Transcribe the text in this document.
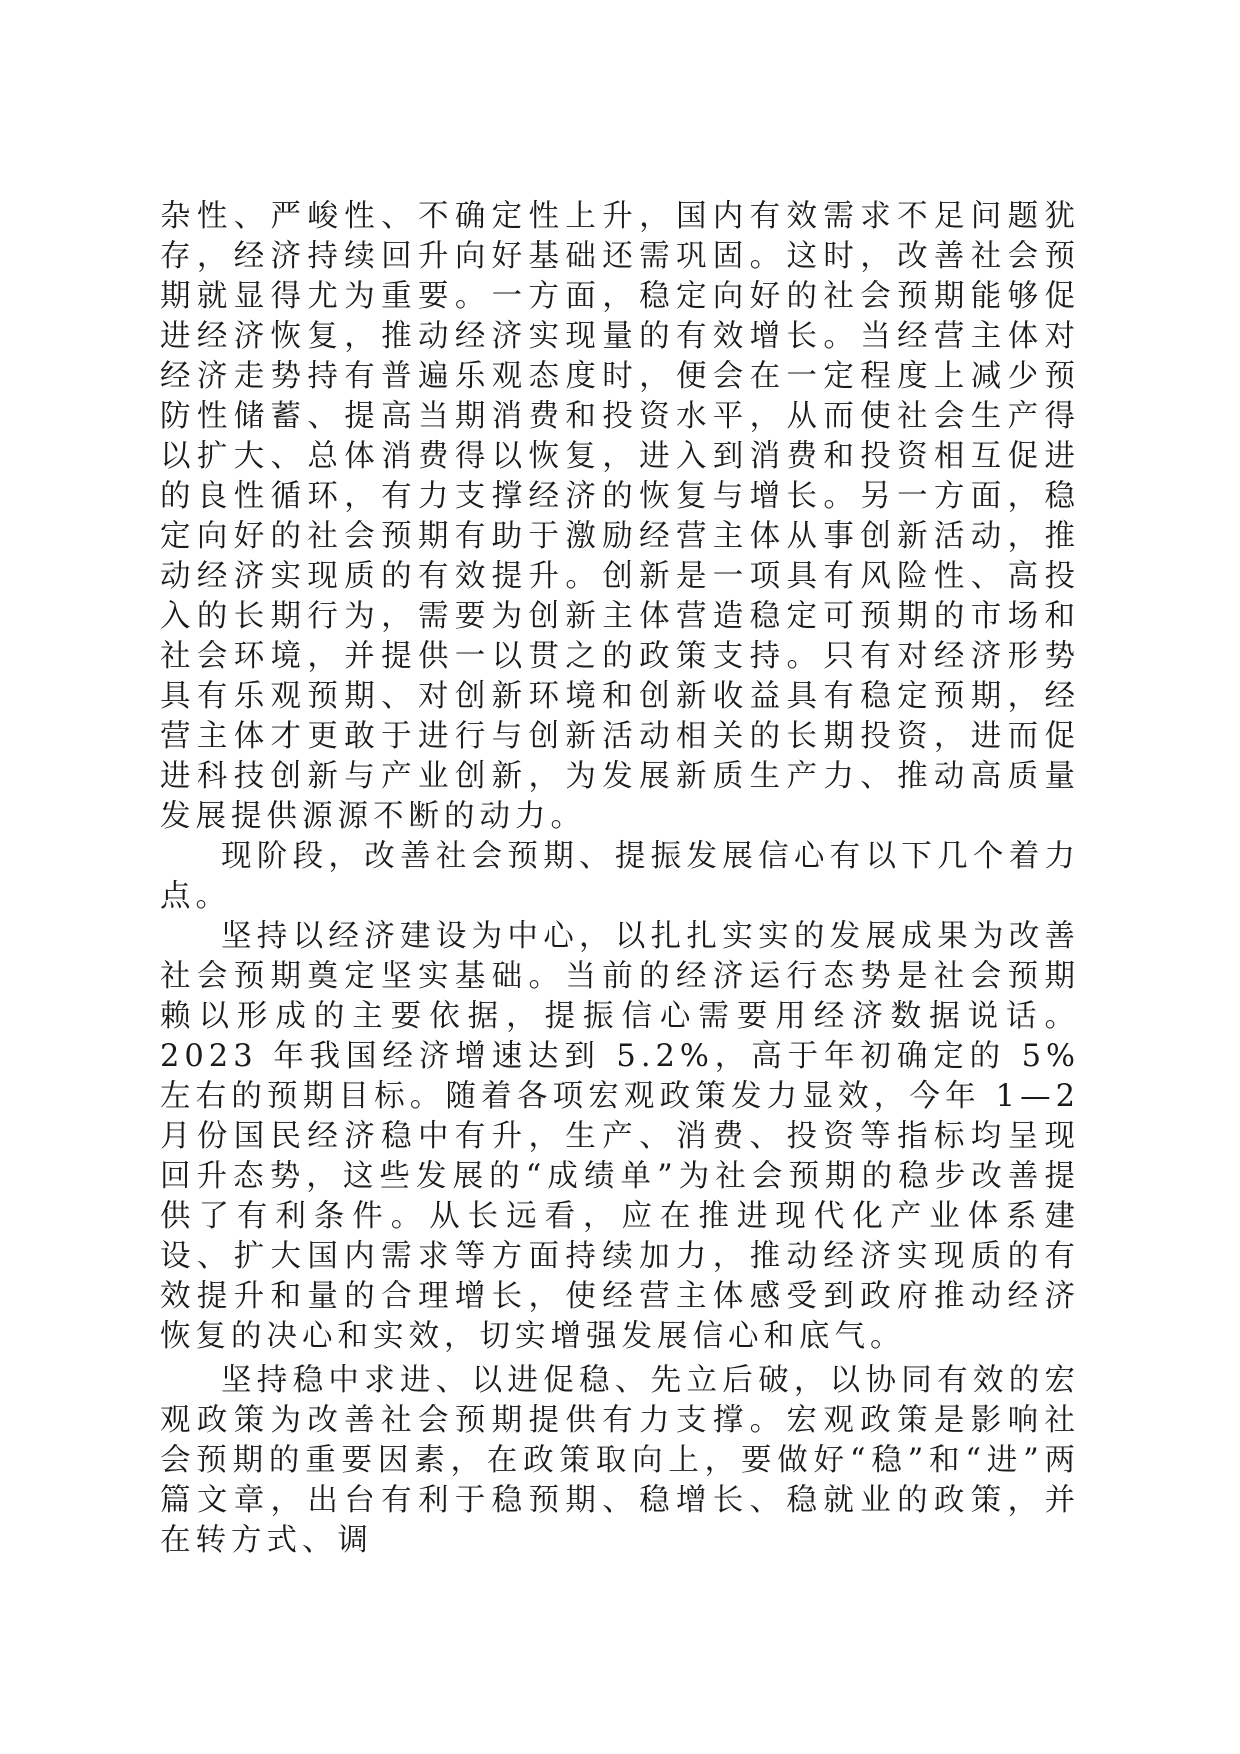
杂性、严峻性、不确定性上升，国内有效需求不足问题犹存，经济持续回升向好基础还需巩固。这时，改善社会预期就显得尤为重要。一方面，稳定向好的社会预期能够促进经济恢复，推动经济实现量的有效增长。当经营主体对经济走势持有普遍乐观态度时，便会在一定程度上减少预防性储蓄、提高当期消费和投资水平，从而使社会生产得以扩大、总体消费得以恢复，进入到消费和投资相互促进的良性循环，有力支撑经济的恢复与增长。另一方面，稳定向好的社会预期有助于激励经营主体从事创新活动，推动经济实现质的有效提升。创新是一项具有风险性、高投入的长期行为，需要为创新主体营造稳定可预期的市场和社会环境，并提供一以贯之的政策支持。只有对经济形势具有乐观预期、对创新环境和创新收益具有稳定预期，经营主体才更敢于进行与创新活动相关的长期投资，进而促进科技创新与产业创新，为发展新质生产力、推动高质量发展提供源源不断的动力。

现阶段，改善社会预期、提振发展信心有以下几个着力点。

坚持以经济建设为中心，以扎扎实实的发展成果为改善社会预期奠定坚实基础。当前的经济运行态势是社会预期赖以形成的主要依据，提振信心需要用经济数据说话。2023 年我国经济增速达到 5.2%，高于年初确定的 5%左右的预期目标。随着各项宏观政策发力显效，今年 1—2 月份国民经济稳中有升，生产、消费、投资等指标均呈现回升态势，这些发展的“成绩单”为社会预期的稳步改善提供了有利条件。从长远看，应在推进现代化产业体系建设、扩大国内需求等方面持续加力，推动经济实现质的有效提升和量的合理增长，使经营主体感受到政府推动经济恢复的决心和实效，切实增强发展信心和底气。

坚持稳中求进、以进促稳、先立后破，以协同有效的宏观政策为改善社会预期提供有力支撑。宏观政策是影响社会预期的重要因素，在政策取向上，要做好“稳”和“进”两篇文章，出台有利于稳预期、稳增长、稳就业的政策，并在转方式、调
